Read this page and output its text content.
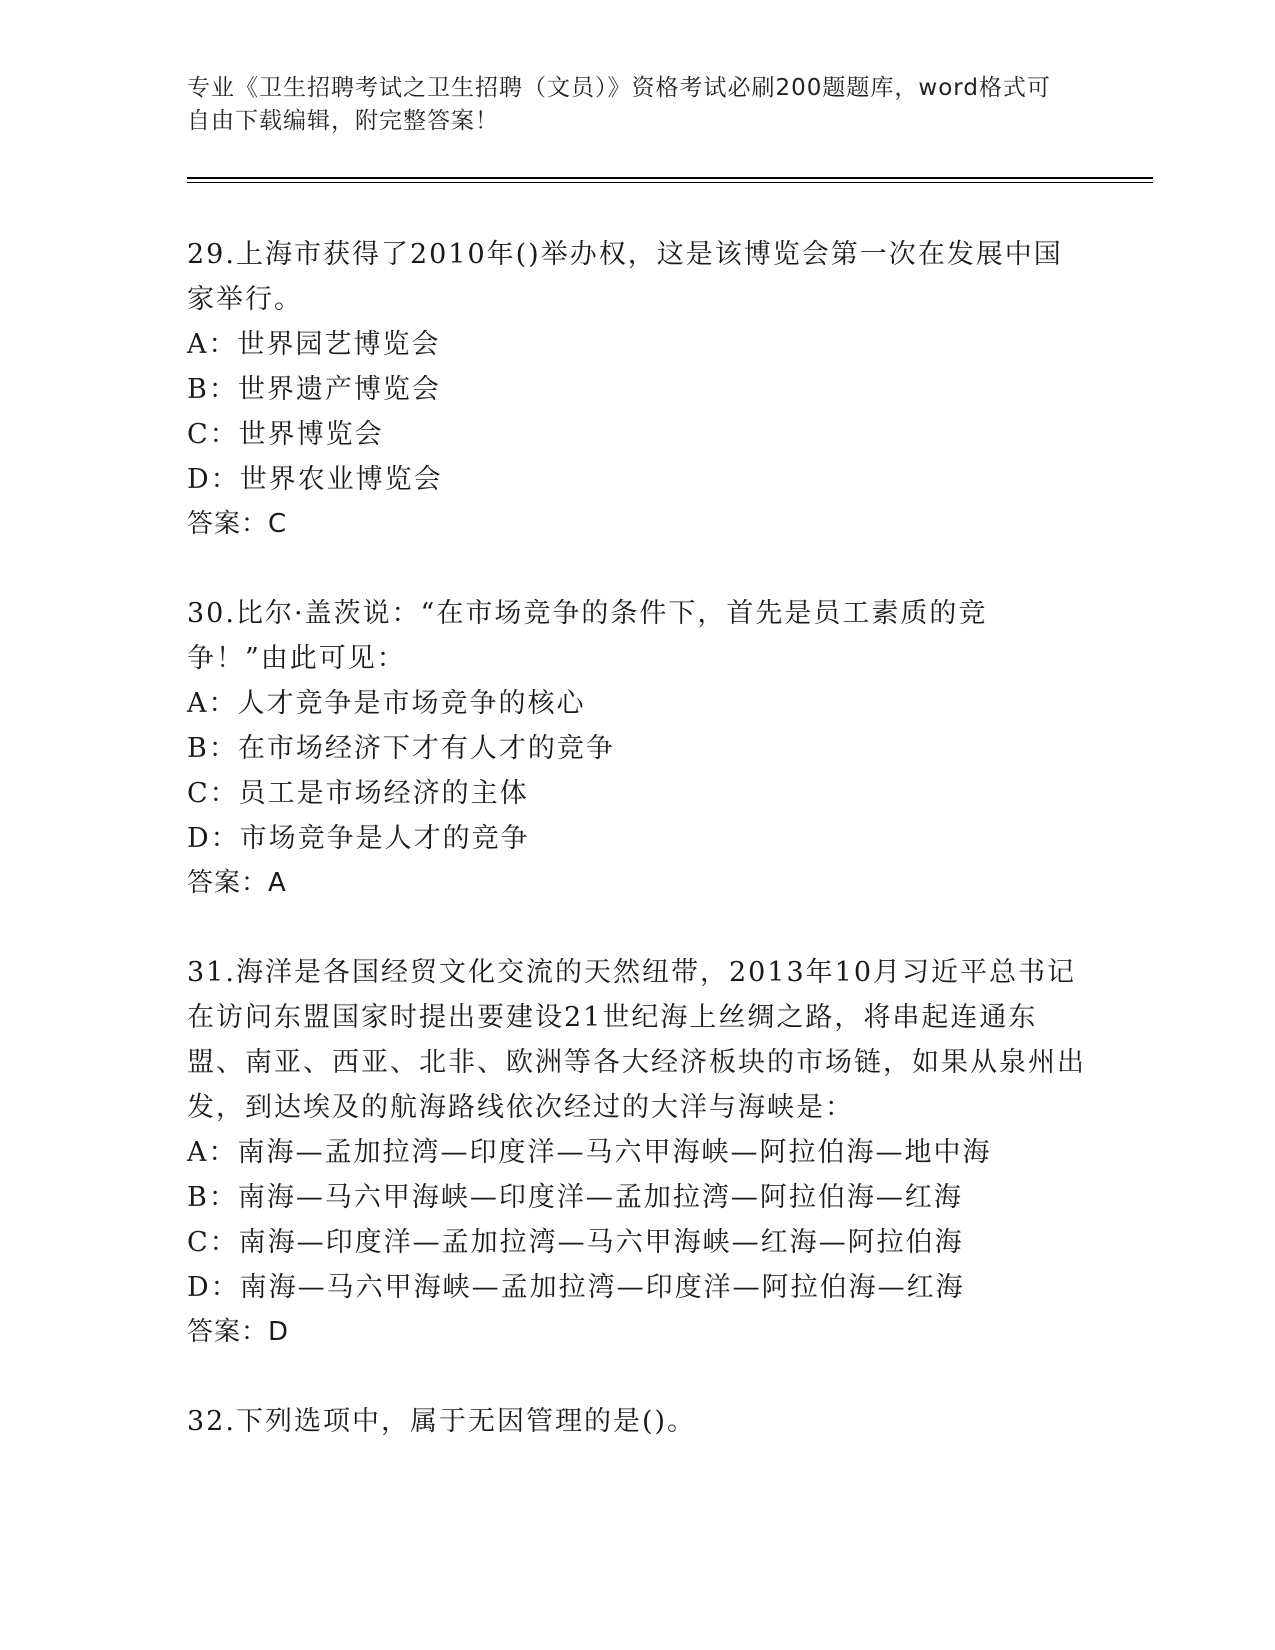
专业《卫生招聘考试之卫生招聘（文员）》资格考试必刷200题题库，word格式可自由下载编辑，附完整答案！
29.上海市获得了2010年()举办权，这是该博览会第一次在发展中国家举行。
A：世界园艺博览会
B：世界遗产博览会
C：世界博览会
D：世界农业博览会
答案：C
30.比尔·盖茨说：“在市场竞争的条件下，首先是员工素质的竞争！”由此可见：
A：人才竞争是市场竞争的核心
B：在市场经济下才有人才的竞争
C：员工是市场经济的主体
D：市场竞争是人才的竞争
答案：A
31.海洋是各国经贸文化交流的天然纽带，2013年10月习近平总书记在访问东盟国家时提出要建设21世纪海上丝绸之路，将串起连通东盟、南亚、西亚、北非、欧洲等各大经济板块的市场链，如果从泉州出发，到达埃及的航海路线依次经过的大洋与海峡是：
A：南海—孟加拉湾—印度洋—马六甲海峡—阿拉伯海—地中海
B：南海—马六甲海峡—印度洋—孟加拉湾—阿拉伯海—红海
C：南海—印度洋—孟加拉湾—马六甲海峡—红海—阿拉伯海
D：南海—马六甲海峡—孟加拉湾—印度洋—阿拉伯海—红海
答案：D
32.下列选项中，属于无因管理的是()。
